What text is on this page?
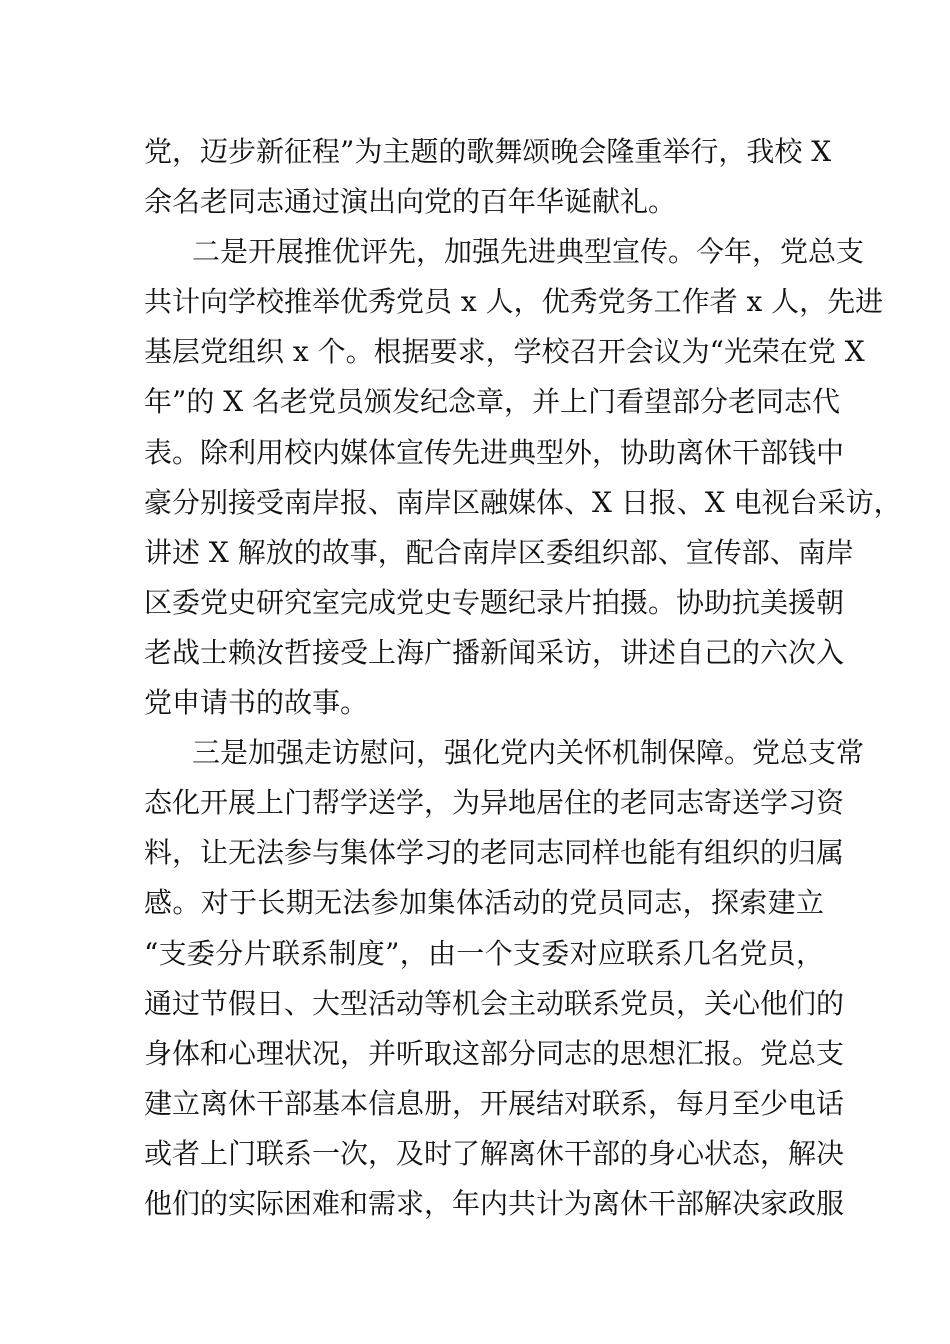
党，迈步新征程”为主题的歌舞颂晚会隆重举行，我校 X
余名老同志通过演出向党的百年华诞献礼。
二是开展推优评先，加强先进典型宣传。今年，党总支
共计向学校推举优秀党员 x 人，优秀党务工作者 x 人，先进
基层党组织 x 个。根据要求，学校召开会议为“光荣在党 X
年”的 X 名老党员颁发纪念章，并上门看望部分老同志代
表。除利用校内媒体宣传先进典型外，协助离休干部钱中
豪分别接受南岸报、南岸区融媒体、X 日报、X 电视台采访，
讲述 X 解放的故事，配合南岸区委组织部、宣传部、南岸
区委党史研究室完成党史专题纪录片拍摄。协助抗美援朝
老战士赖汝哲接受上海广播新闻采访，讲述自己的六次入
党申请书的故事。
三是加强走访慰问，强化党内关怀机制保障。党总支常
态化开展上门帮学送学，为异地居住的老同志寄送学习资
料，让无法参与集体学习的老同志同样也能有组织的归属
感。对于长期无法参加集体活动的党员同志，探索建立
“支委分片联系制度”，由一个支委对应联系几名党员，
通过节假日、大型活动等机会主动联系党员，关心他们的
身体和心理状况，并听取这部分同志的思想汇报。党总支
建立离休干部基本信息册，开展结对联系，每月至少电话
或者上门联系一次，及时了解离休干部的身心状态，解决
他们的实际困难和需求，年内共计为离休干部解决家政服
